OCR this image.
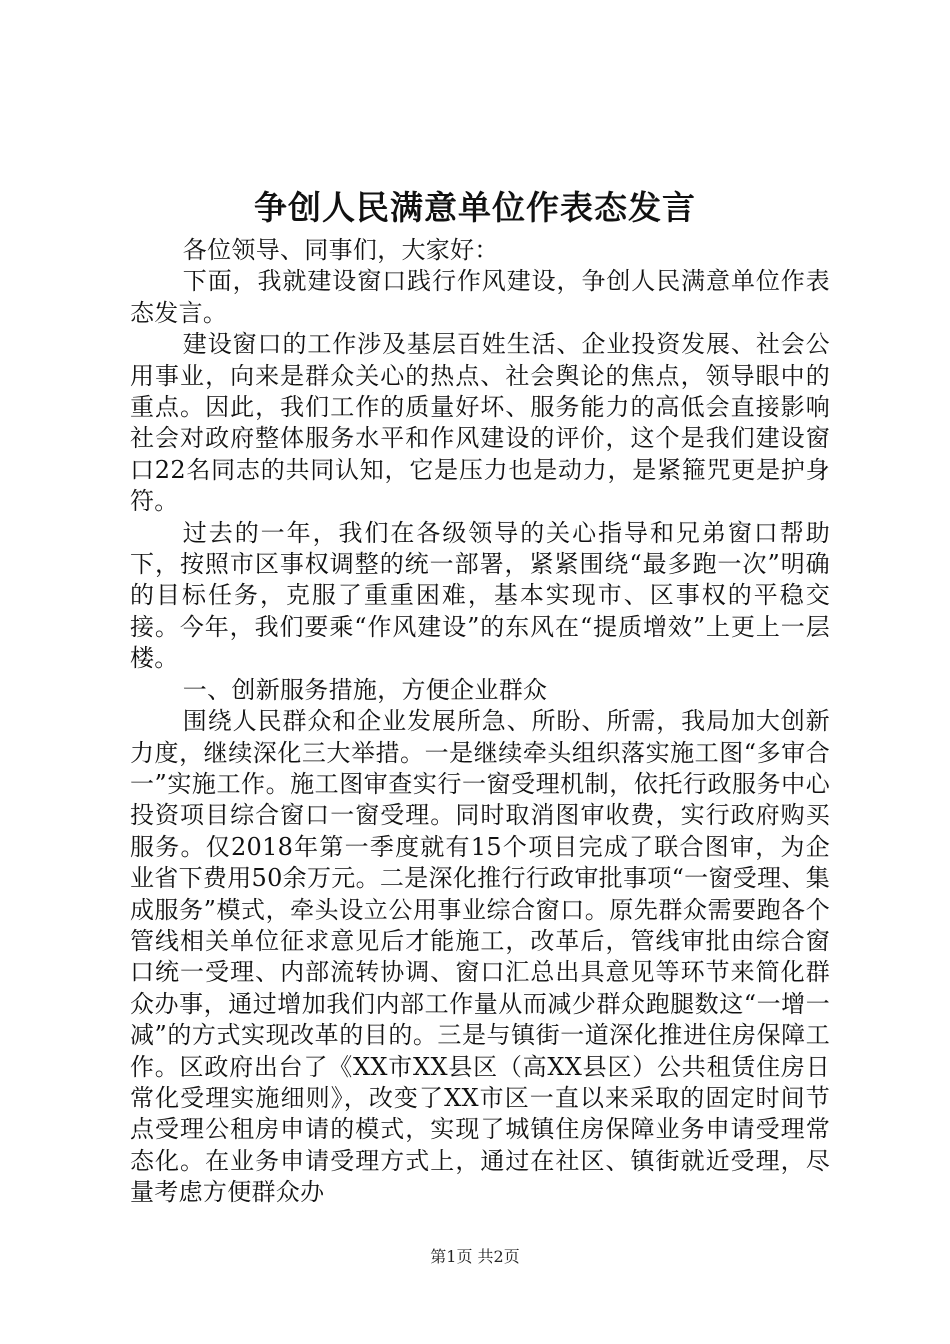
争创人民满意单位作表态发言

各位领导、同事们，大家好：

下面，我就建设窗口践行作风建设，争创人民满意单位作表态发言。

建设窗口的工作涉及基层百姓生活、企业投资发展、社会公用事业，向来是群众关心的热点、社会舆论的焦点，领导眼中的重点。因此，我们工作的质量好坏、服务能力的高低会直接影响社会对政府整体服务水平和作风建设的评价，这个是我们建设窗口22名同志的共同认知，它是压力也是动力，是紧箍咒更是护身符。

过去的一年，我们在各级领导的关心指导和兄弟窗口帮助下，按照市区事权调整的统一部署，紧紧围绕“最多跑一次”明确的目标任务，克服了重重困难，基本实现市、区事权的平稳交接。今年，我们要乘“作风建设”的东风在“提质增效”上更上一层楼。

一、创新服务措施，方便企业群众

围绕人民群众和企业发展所急、所盼、所需，我局加大创新力度，继续深化三大举措。一是继续牵头组织落实施工图“多审合一”实施工作。施工图审查实行一窗受理机制，依托行政服务中心投资项目综合窗口一窗受理。同时取消图审收费，实行政府购买服务。仅2018年第一季度就有15个项目完成了联合图审，为企业省下费用50余万元。二是深化推行行政审批事项“一窗受理、集成服务”模式，牵头设立公用事业综合窗口。原先群众需要跑各个管线相关单位征求意见后才能施工，改革后，管线审批由综合窗口统一受理、内部流转协调、窗口汇总出具意见等环节来简化群众办事，通过增加我们内部工作量从而减少群众跑腿数这“一增一减”的方式实现改革的目的。三是与镇街一道深化推进住房保障工作。区政府出台了《XX市XX县区（高XX县区）公共租赁住房日常化受理实施细则》，改变了XX市区一直以来采取的固定时间节点受理公租房申请的模式，实现了城镇住房保障业务申请受理常态化。在业务申请受理方式上，通过在社区、镇街就近受理，尽量考虑方便群众办

第1页 共2页
